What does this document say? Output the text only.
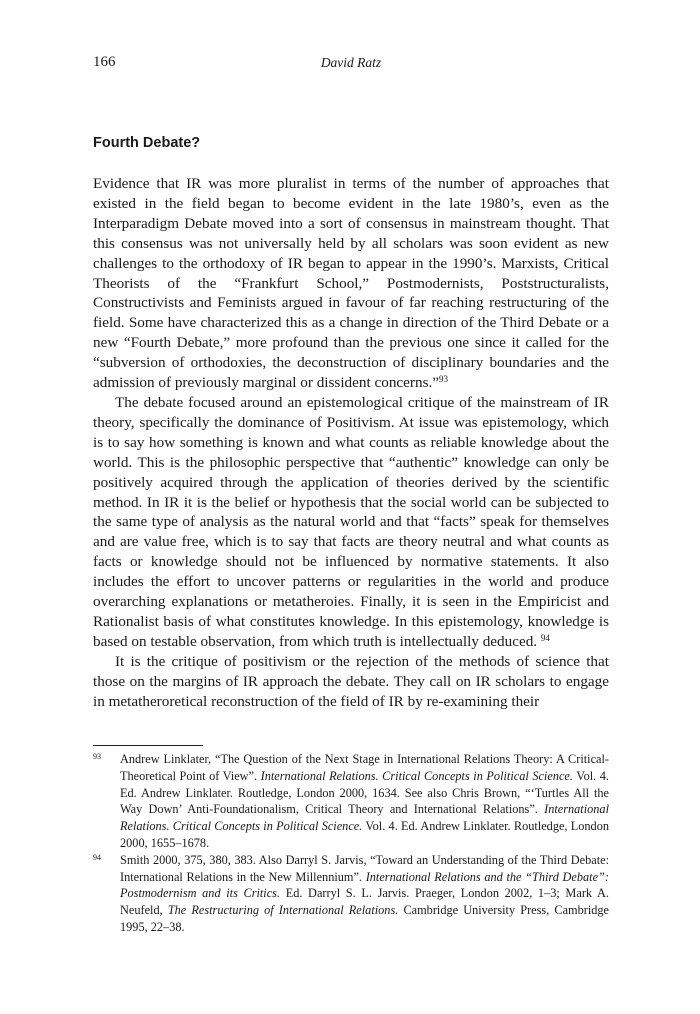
166	David Ratz
Fourth Debate?

Evidence that IR was more pluralist in terms of the number of approaches that existed in the field began to become evident in the late 1980’s, even as the Interparadigm Debate moved into a sort of consensus in mainstream thought. That this consensus was not universally held by all scholars was soon evident as new challenges to the orthodoxy of IR began to appear in the 1990’s. Marxists, Critical Theorists of the “Frankfurt School,” Postmodernists, Poststructuralists, Constructivists and Feminists argued in favour of far reaching restructuring of the field. Some have characterized this as a change in direction of the Third Debate or a new “Fourth Debate,” more profound than the previous one since it called for the “subversion of orthodoxies, the deconstruction of disciplinary boundaries and the admission of previously marginal or dissident concerns.”$^{93}$

The debate focused around an epistemological critique of the mainstream of IR theory, specifically the dominance of Positivism. At issue was epistemology, which is to say how something is known and what counts as reliable knowledge about the world. This is the philosophic perspective that “authentic” knowledge can only be positively acquired through the application of theories derived by the scientific method. In IR it is the belief or hypothesis that the social world can be subjected to the same type of analysis as the natural world and that “facts” speak for themselves and are value free, which is to say that facts are theory neutral and what counts as facts or knowledge should not be influenced by normative statements. It also includes the effort to uncover patterns or regularities in the world and produce overarching explanations or metatheroies. Finally, it is seen in the Empiricist and Rationalist basis of what constitutes knowledge. In this epistemology, knowledge is based on testable observation, from which truth is intellectually deduced. $^{94}$

It is the critique of positivism or the rejection of the methods of science that those on the margins of IR approach the debate. They call on IR scholars to engage in metatheroretical reconstruction of the field of IR by re-examining their

93 Andrew Linklater, “The Question of the Next Stage in International Relations Theory: A Critical-Theoretical Point of View”. International Relations. Critical Concepts in Political Science. Vol. 4. Ed. Andrew Linklater. Routledge, London 2000, 1634. See also Chris Brown, “‘Turtles All the Way Down’ Anti-Foundationalism, Critical Theory and International Relations”. International Relations. Critical Concepts in Political Science. Vol. 4. Ed. Andrew Linklater. Routledge, London 2000, 1655–1678.

94 Smith 2000, 375, 380, 383. Also Darryl S. Jarvis, “Toward an Understanding of the Third Debate: International Relations in the New Millennium”. International Relations and the “Third Debate”: Postmodernism and its Critics. Ed. Darryl S. L. Jarvis. Praeger, London 2002, 1–3; Mark A. Neufeld, The Restructuring of International Relations. Cambridge University Press, Cambridge 1995, 22–38.
